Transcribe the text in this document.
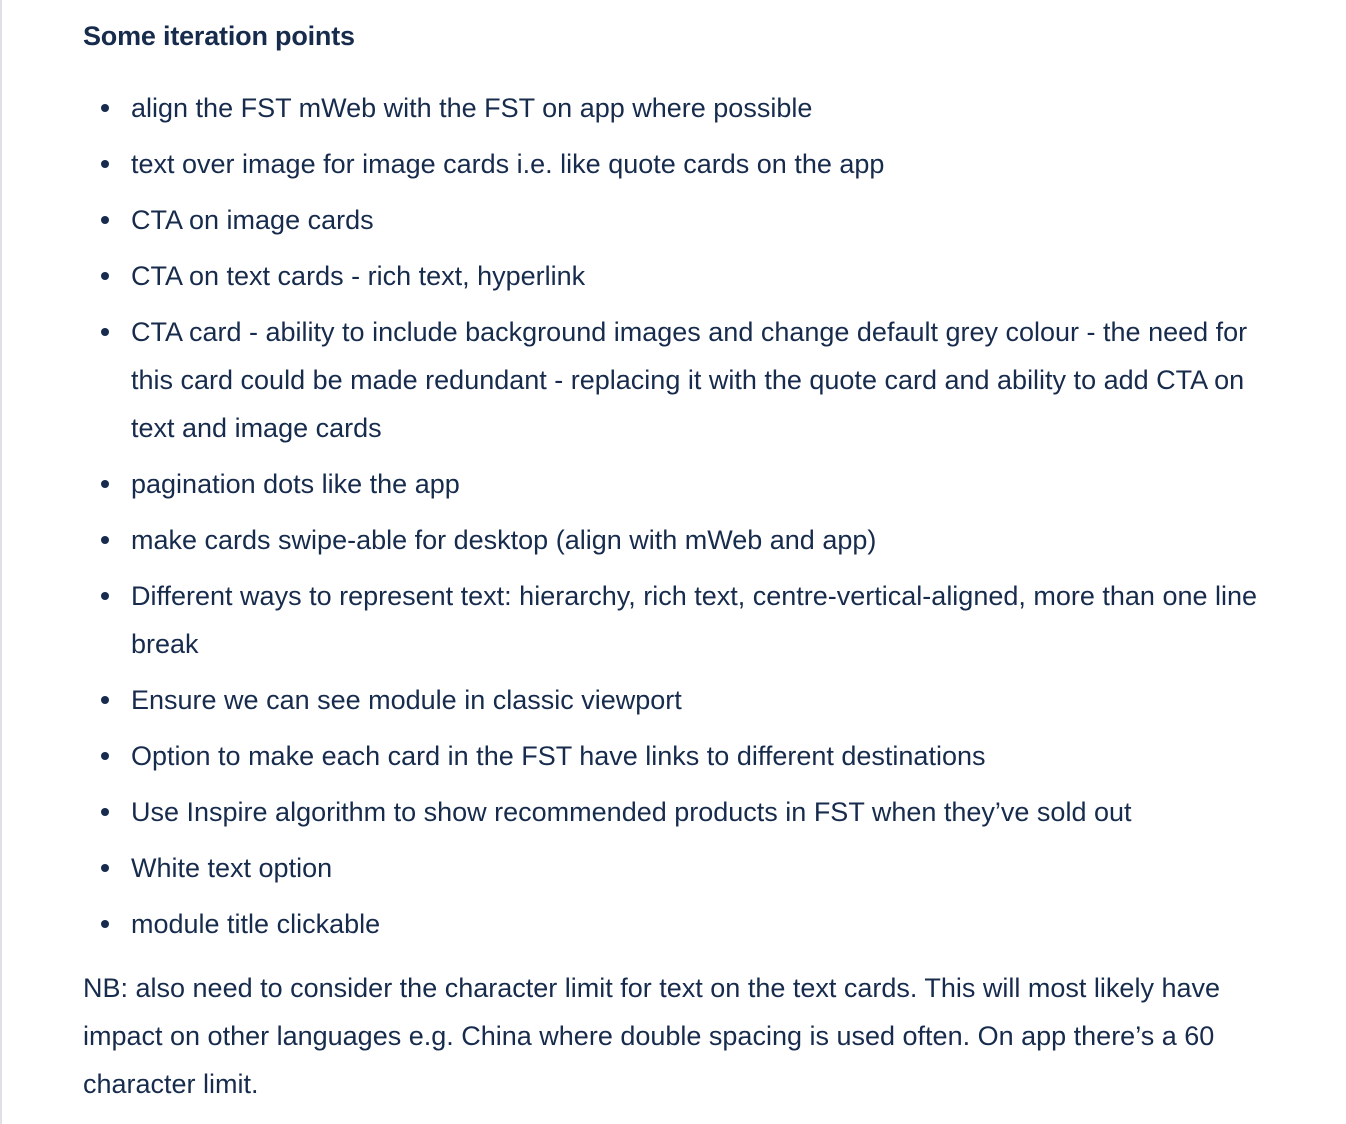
Some iteration points
align the FST mWeb with the FST on app where possible
text over image for image cards i.e. like quote cards on the app
CTA on image cards
CTA on text cards - rich text, hyperlink
CTA card - ability to include background images and change default grey colour - the need for this card could be made redundant - replacing it with the quote card and ability to add CTA on text and image cards
pagination dots like the app
make cards swipe-able for desktop (align with mWeb and app)
Different ways to represent text: hierarchy, rich text, centre-vertical-aligned, more than one line break
Ensure we can see module in classic viewport
Option to make each card in the FST have links to different destinations
Use Inspire algorithm to show recommended products in FST when they’ve sold out
White text option
module title clickable

NB: also need to consider the character limit for text on the text cards. This will most likely have impact on other languages e.g. China where double spacing is used often. On app there’s a 60 character limit.
